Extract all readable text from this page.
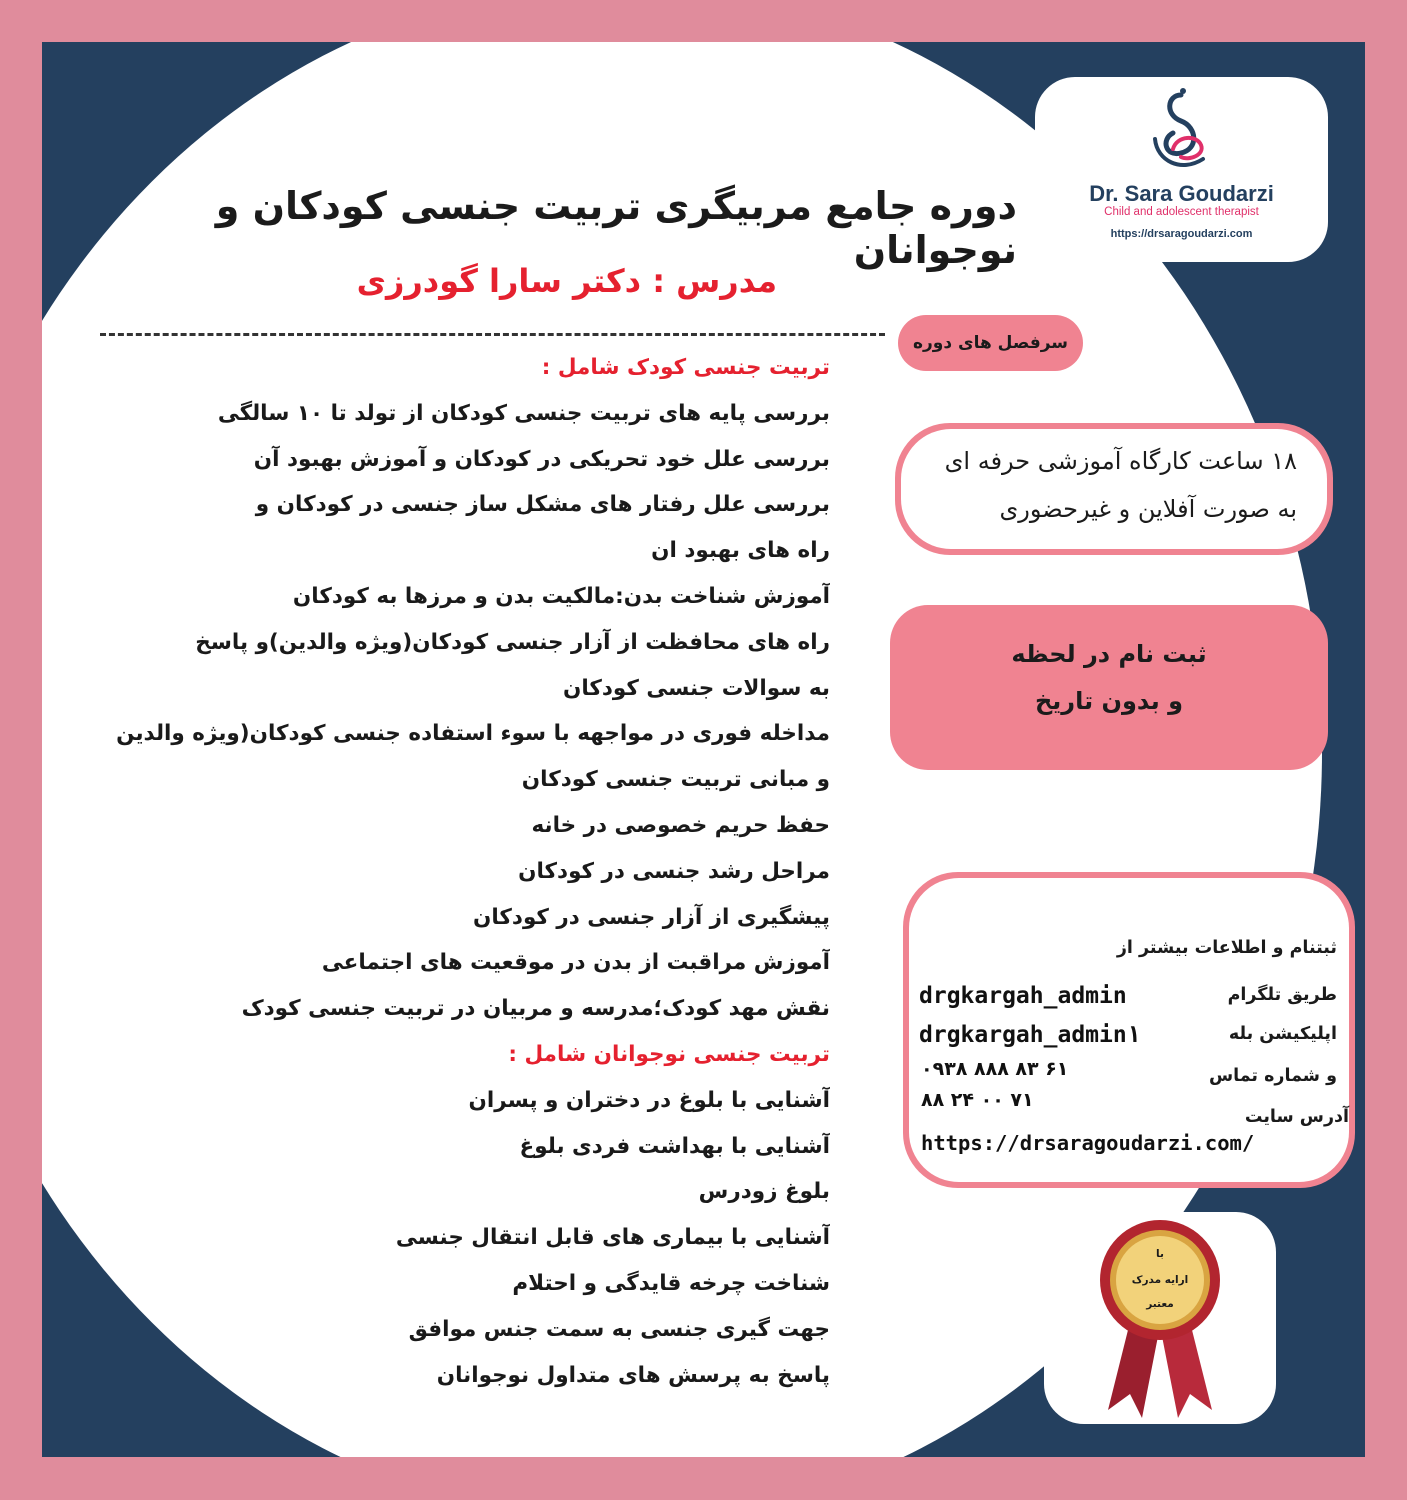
دوره جامع مربیگری تربیت جنسی کودکان و نوجوانان
مدرس : دکتر سارا گودرزی
سرفصل های دوره
تربیت جنسی کودک شامل :
بررسی پایه های تربیت جنسی کودکان از تولد تا ۱۰ سالگی
بررسی علل خود تحریکی در کودکان و آموزش بهبود آن
بررسی علل رفتار های مشکل ساز جنسی در کودکان و
راه های بهبود ان
آموزش شناخت بدن:مالکیت بدن و مرزها به کودکان
راه های محافظت از آزار جنسی کودکان(ویژه والدین)و پاسخ
به سوالات جنسی کودکان
مداخله فوری در مواجهه با سوء استفاده جنسی کودکان(ویژه والدین
و مبانی تربیت جنسی کودکان
حفظ حریم خصوصی در خانه
مراحل رشد جنسی در کودکان
پیشگیری از آزار جنسی در کودکان
آموزش مراقبت از بدن در موقعیت های اجتماعی
نقش مهد کودک؛مدرسه و مربیان در تربیت جنسی کودک
تربیت جنسی نوجوانان شامل :
آشنایی با بلوغ در دختران و پسران
آشنایی با بهداشت فردی بلوغ
بلوغ زودرس
آشنایی با بیماری های قابل انتقال جنسی
شناخت چرخه قایدگی و احتلام
جهت گیری جنسی به سمت جنس موافق
پاسخ به پرسش های متداول نوجوانان
Dr. Sara Goudarzi
Child and adolescent therapist
https://drsaragoudarzi.com
۱۸ ساعت کارگاه آموزشی حرفه ای
به صورت آفلاین و غیرحضوری
ثبت نام در لحظه
و بدون تاریخ
ثبتنام و اطلاعات بیشتر از
طریق تلگرام
drgkargah_admin
اپلیکیشن بله
drgkargah_admin۱
و شماره تماس
۰۹۳۸ ۸۸۸ ۸۳ ۶۱
۸۸ ۲۴ ۰۰ ۷۱
آدرس سایت
https://drsaragoudarzi.com/
با
ارایه مدرک
معتبر
